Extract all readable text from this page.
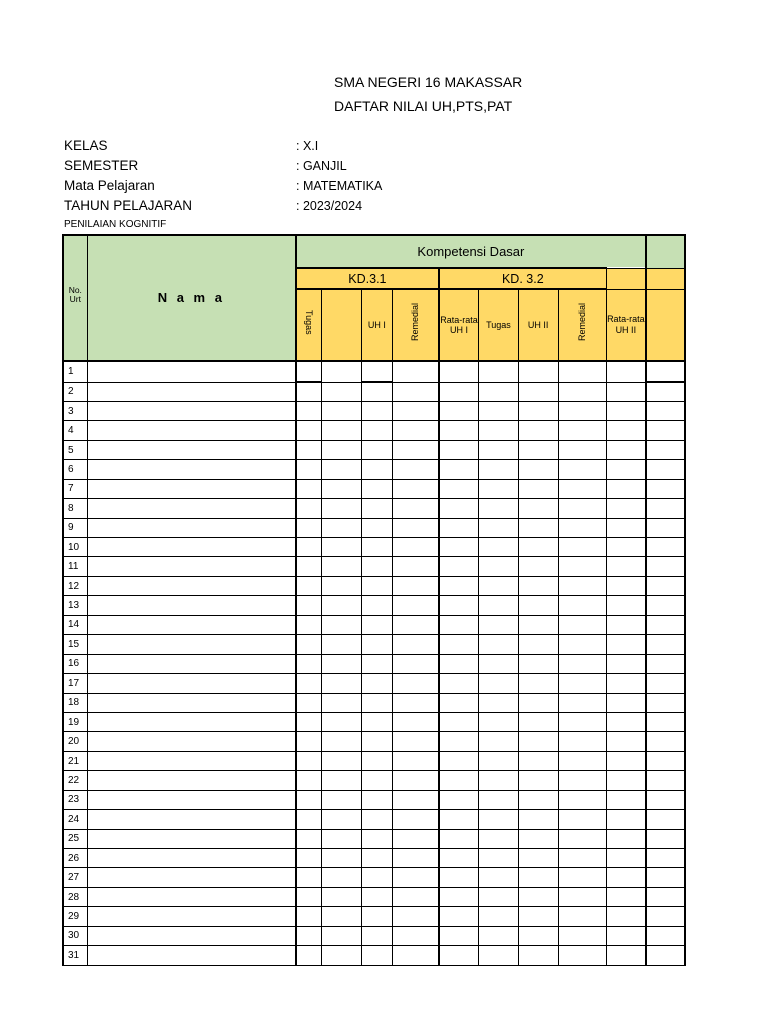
SMA NEGERI 16 MAKASSAR
DAFTAR NILAI UH,PTS,PAT
KELAS	: X.I
SEMESTER	: GANJIL
Mata Pelajaran	: MATEMATIKA
TAHUN PELAJARAN	: 2023/2024
PENILAIAN KOGNITIF
No. Urt	N a m a	Kompetensi Dasar									
		KD.3.1				KD. 3.2					
		Tugas		UH I	Remedial	Rata-rata UH I	Tugas	UH II	Remedial	Rata-rata UH II	
1											
2											
3											
4											
5											
6											
7											
8											
9											
10											
11											
12											
13											
14											
15											
16											
17											
18											
19											
20											
21											
22											
23											
24											
25											
26											
27											
28											
29											
30											
31											
